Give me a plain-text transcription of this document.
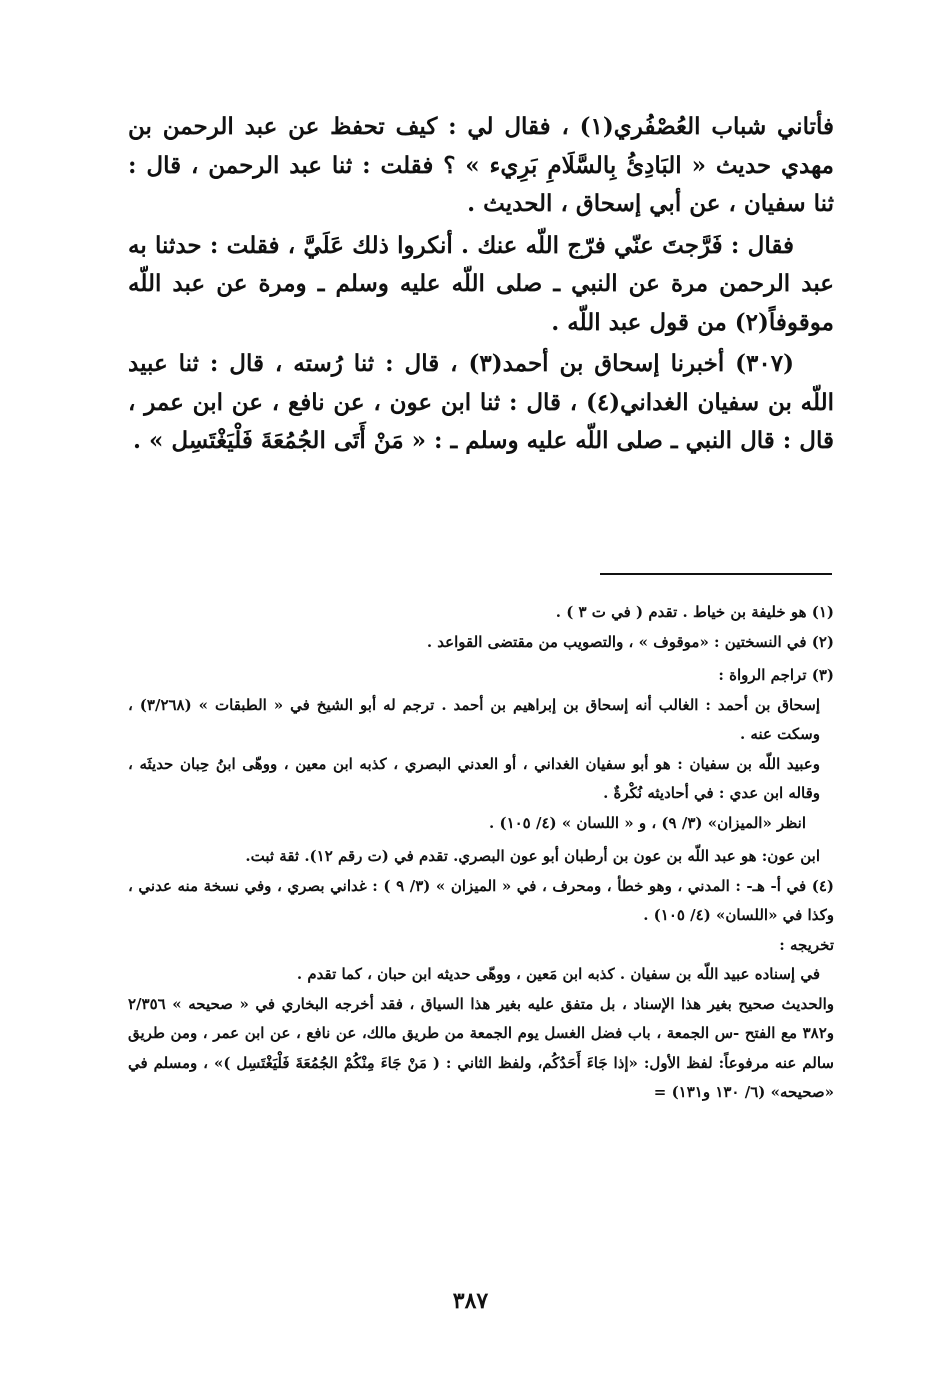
فأتاني شباب العُصْفُري(١) ، فقال لي : كيف تحفظ عن عبد الرحمن بن مهدي حديث « البَادِئُ بِالسَّلَامِ بَرِيء » ؟ فقلت : ثنا عبد الرحمن ، قال : ثنا سفيان ، عن أبي إسحاق ، الحديث .

فقال : فَرَّجتَ عنّي فرّج اللّه عنك . أنكروا ذلك عَلَيَّ ، فقلت : حدثنا به عبد الرحمن مرة عن النبي ـ صلى اللّه عليه وسلم ـ ومرة عن عبد اللّه موقوفاً(٢) من قول عبد اللّه .

(٣٠٧) أخبرنا إسحاق بن أحمد(٣) ، قال : ثنا رُسته ، قال : ثنا عبيد اللّه بن سفيان الغداني(٤) ، قال : ثنا ابن عون ، عن نافع ، عن ابن عمر ، قال : قال النبي ـ صلى اللّه عليه وسلم ـ : « مَنْ أَتَى الجُمُعَةَ فَلْيَغْتَسِل » .

(١) هو خليفة بن خياط . تقدم ( في ت ٣ ) .

(٢) في النسختين : «موقوف » ، والتصويب من مقتضى القواعد .

(٣) تراجم الرواة :

إسحاق بن أحمد : الغالب أنه إسحاق بن إبراهيم بن أحمد . ترجم له أبو الشيخ في « الطبقات » (٣/٢٦٨) ، وسكت عنه .

وعبيد اللّه بن سفيان : هو أبو سفيان الغداني ، أو العدني البصري ، كذبه ابن معين ، ووهّى ابنُ حِبان حديثَه ، وقاله ابن عدي : في أحاديثه نُكْرةٌ .

انظر «الميزان» (٣/ ٩) ، و « اللسان » (٤/ ١٠٥) .

ابن عون: هو عبد اللّه بن عون بن أرطبان أبو عون البصري. تقدم في (ت رقم ١٢). ثقة ثبت.

(٤) في أ- هـ- : المدني ، وهو خطأ ، ومحرف ، في « الميزان » (٣/ ٩ ) : غداني بصري ، وفي نسخة منه عدني ، وكذا في «اللسان» (٤/ ١٠٥) .

تخريجه :

في إسناده عبيد اللّه بن سفيان . كذبه ابن مَعين ، ووهّى حديثه ابن حبان ، كما تقدم .

والحديث صحيح بغير هذا الإسناد ، بل متفق عليه بغير هذا السياق ، فقد أخرجه البخاري في « صحيحه » ٢/٣٥٦ و٣٨٢ مع الفتح -س الجمعة ، باب فضل الغسل يوم الجمعة من طريق مالك، عن نافع ، عن ابن عمر ، ومن طريق سالم عنه مرفوعاً: لفظ الأول: «إذا جَاءَ أَحَدُكُم، ولفظ الثاني : ( مَنْ جَاءَ مِنْكُمْ الجُمُعَةَ فَلْيَغْتَسِل )» ، ومسلم في «صحيحه» (٦/ ١٣٠ و١٣١) =

٣٨٧
